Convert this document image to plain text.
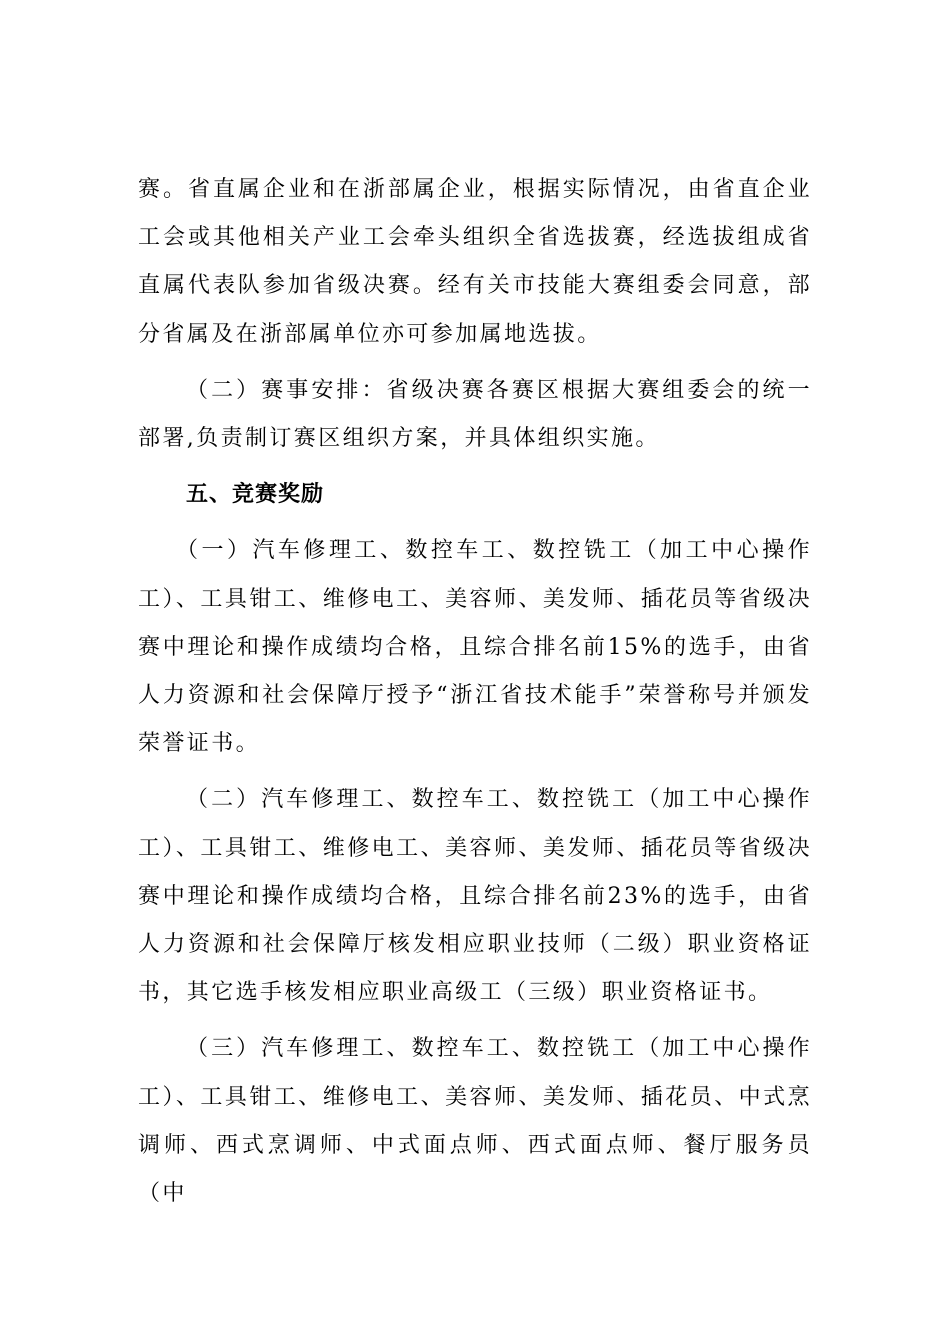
赛。省直属企业和在浙部属企业，根据实际情况，由省直企业工会或其他相关产业工会牵头组织全省选拔赛，经选拔组成省直属代表队参加省级决赛。经有关市技能大赛组委会同意，部分省属及在浙部属单位亦可参加属地选拔。

（二）赛事安排：省级决赛各赛区根据大赛组委会的统一部署,负责制订赛区组织方案，并具体组织实施。

五、竞赛奖励

（一）汽车修理工、数控车工、数控铣工（加工中心操作工）、工具钳工、维修电工、美容师、美发师、插花员等省级决赛中理论和操作成绩均合格，且综合排名前15%的选手，由省人力资源和社会保障厅授予“浙江省技术能手”荣誉称号并颁发荣誉证书。

（二）汽车修理工、数控车工、数控铣工（加工中心操作工）、工具钳工、维修电工、美容师、美发师、插花员等省级决赛中理论和操作成绩均合格，且综合排名前23%的选手，由省人力资源和社会保障厅核发相应职业技师（二级）职业资格证书，其它选手核发相应职业高级工（三级）职业资格证书。

（三）汽车修理工、数控车工、数控铣工（加工中心操作工）、工具钳工、维修电工、美容师、美发师、插花员、中式烹调师、西式烹调师、中式面点师、西式面点师、餐厅服务员（中
